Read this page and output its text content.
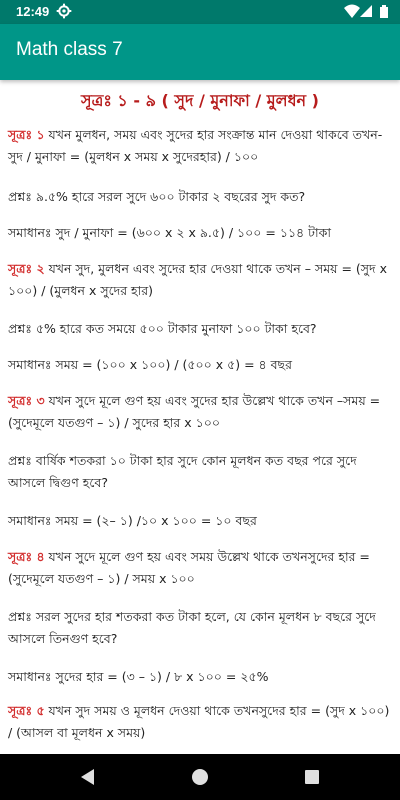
12:49
Math class 7
সূত্রঃ ১ - ৯ ( সুদ / মুনাফা / মুলধন )

সূত্রঃ ১ যখন মুলধন, সময় এবং সুদের হার সংক্রান্ত মান দেওয়া থাকবে তখন-সুদ / মুনাফা = (মুলধন x সময় x সুদেরহার) / ১০০

প্রশ্নঃ ৯.৫% হারে সরল সুদে ৬০০ টাকার ২ বছরের সুদ কত?

সমাধানঃ সুদ / মুনাফা = (৬০০ x ২ x ৯.৫) / ১০০ = ১১৪ টাকা

সূত্রঃ ২ যখন সুদ, মুলধন এবং সুদের হার দেওয়া থাকে তখন – সময় = (সুদ x ১০০) / (মুলধন x সুদের হার)

প্রশ্নঃ ৫% হারে কত সময়ে ৫০০ টাকার মুনাফা ১০০ টাকা হবে?

সমাধানঃ সময় = (১০০ x ১০০) / (৫০০ x ৫) = ৪ বছর

সূত্রঃ ৩ যখন সুদে মূলে গুণ হয় এবং সুদের হার উল্লেখ থাকে তখন –সময় = (সুদেমূলে যতগুণ – ১) / সুদের হার x ১০০

প্রশ্নঃ বার্ষিক শতকরা ১০ টাকা হার সুদে কোন মূলধন কত বছর পরে সুদে আসলে দ্বিগুণ হবে?

সমাধানঃ সময় = (২– ১) /১০ x ১০০ = ১০ বছর

সূত্রঃ ৪ যখন সুদে মূলে গুণ হয় এবং সময় উল্লেখ থাকে তখনসুদের হার = (সুদেমূলে যতগুণ – ১) / সময় x ১০০

প্রশ্নঃ সরল সুদের হার শতকরা কত টাকা হলে, যে কোন মূলধন ৮ বছরে সুদে আসলে তিনগুণ হবে?

সমাধানঃ সুদের হার = (৩ – ১) / ৮ x ১০০ = ২৫%

সূত্রঃ ৫ যখন সুদ সময় ও মূলধন দেওয়া থাকে তখনসুদের হার = (সুদ x ১০০) / (আসল বা মূলধন x সময়)
